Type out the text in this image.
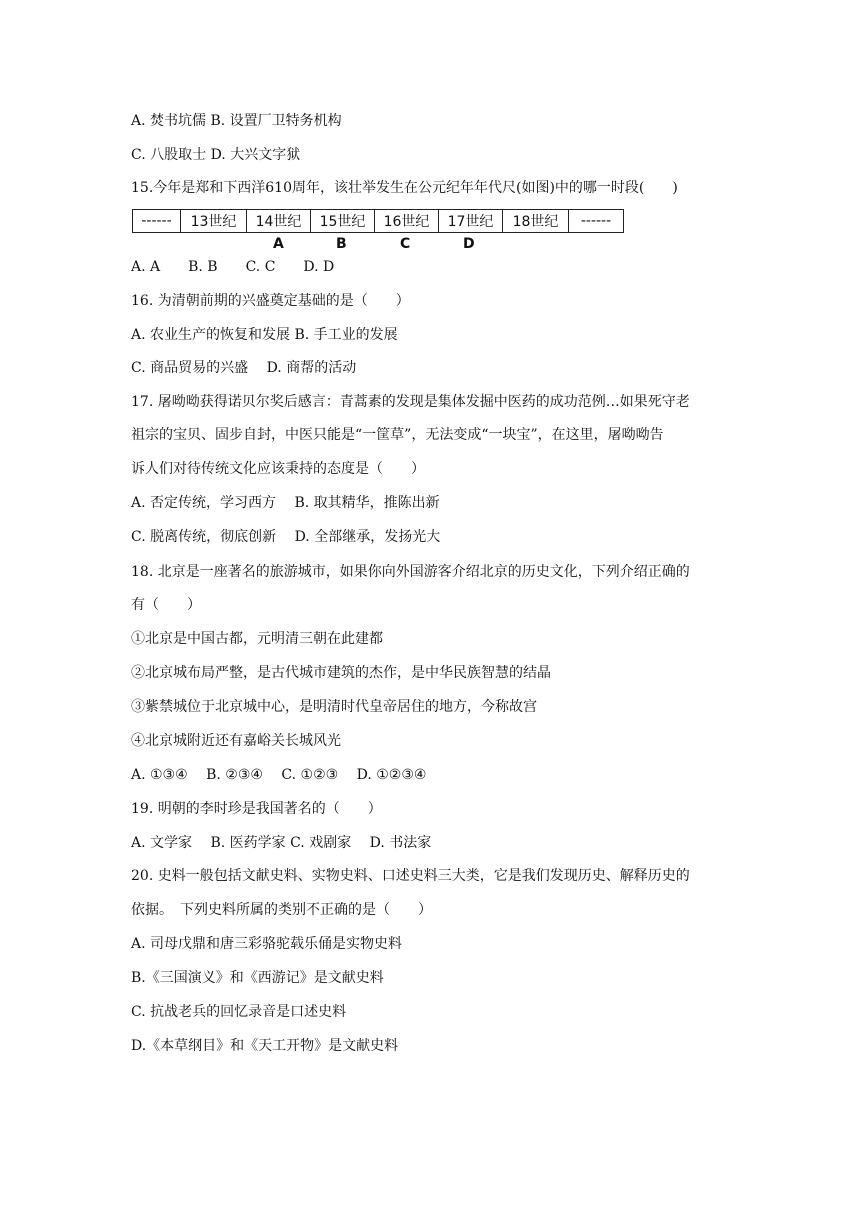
A. 焚书坑儒 B. 设置厂卫特务机构
C. 八股取士 D. 大兴文字狱
15.今年是郑和下西洋610周年，该壮举发生在公元纪年年代尺(如图)中的哪一时段(　　)
------	13世纪	14世纪	15世纪	16世纪	17世纪	18世纪	------
A	B	C	D
A. A　　B. B　　C. C　　D. D
16. 为清朝前期的兴盛奠定基础的是（　　）
A. 农业生产的恢复和发展 B. 手工业的发展
C. 商品贸易的兴盛　 D. 商帮的活动
17. 屠呦呦获得诺贝尔奖后感言：青蒿素的发现是集体发掘中医药的成功范例…如果死守老
祖宗的宝贝、固步自封，中医只能是“一筐草”，无法变成“一块宝”，在这里，屠呦呦告
诉人们对待传统文化应该秉持的态度是（　　）
A. 否定传统，学习西方　 B. 取其精华，推陈出新
C. 脱离传统，彻底创新　 D. 全部继承，发扬光大
18. 北京是一座著名的旅游城市，如果你向外国游客介绍北京的历史文化，下列介绍正确的
有（　　）
①北京是中国古都，元明清三朝在此建都
②北京城布局严整，是古代城市建筑的杰作，是中华民族智慧的结晶
③紫禁城位于北京城中心，是明清时代皇帝居住的地方，今称故宫
④北京城附近还有嘉峪关长城风光
A. ①③④　 B. ②③④　 C. ①②③　 D. ①②③④
19. 明朝的李时珍是我国著名的（　　）
A. 文学家　 B. 医药学家 C. 戏剧家　 D. 书法家
20. 史料一般包括文献史料、实物史料、口述史料三大类，它是我们发现历史、解释历史的
依据。　下列史料所属的类别不正确的是（　　）
A. 司母戊鼎和唐三彩骆驼载乐俑是实物史料
B.《三国演义》和《西游记》是文献史料
C. 抗战老兵的回忆录音是口述史料
D.《本草纲目》和《天工开物》是文献史料
